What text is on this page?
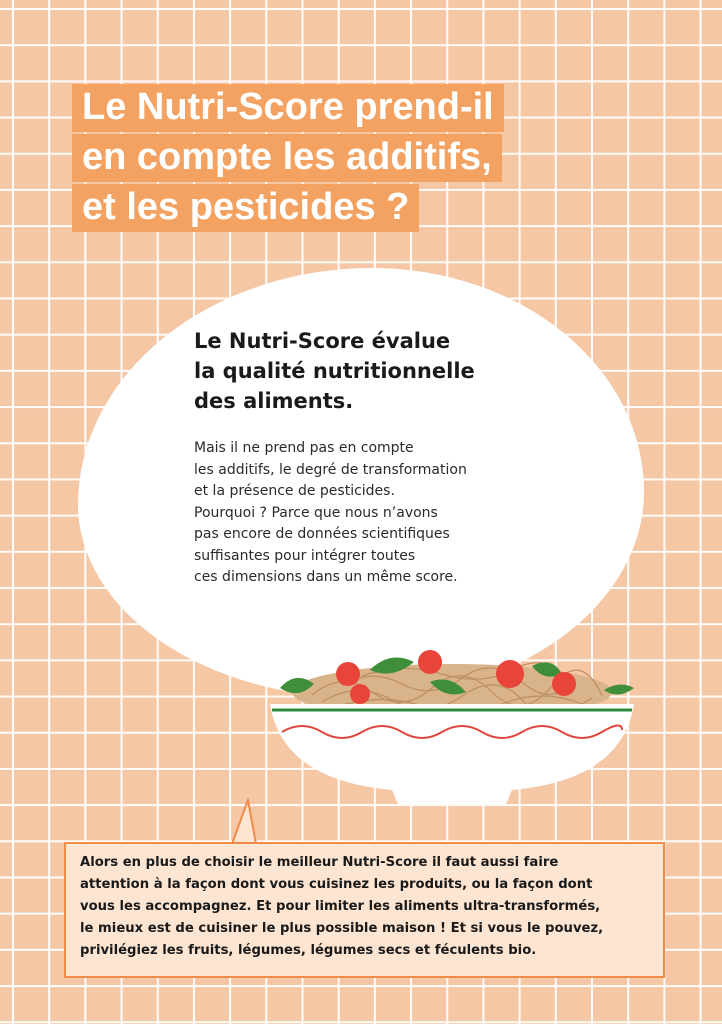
Le Nutri-Score prend-il
en compte les additifs,
et les pesticides ?
Le Nutri-Score évalue
la qualité nutritionnelle
des aliments.

Mais il ne prend pas en compte
les additifs, le degré de transformation
et la présence de pesticides.
Pourquoi ? Parce que nous n’avons
pas encore de données scientifiques
suffisantes pour intégrer toutes
ces dimensions dans un même score.

Alors en plus de choisir le meilleur Nutri-Score il faut aussi faire
attention à la façon dont vous cuisinez les produits, ou la façon dont
vous les accompagnez. Et pour limiter les aliments ultra-transformés,
le mieux est de cuisiner le plus possible maison ! Et si vous le pouvez,
privilégiez les fruits, légumes, légumes secs et féculents bio.
